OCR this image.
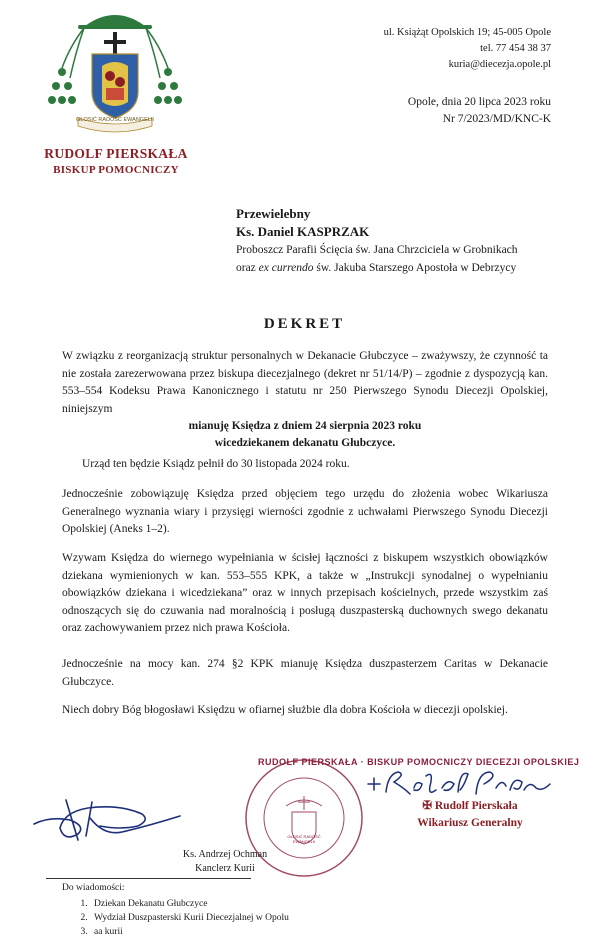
GŁOSIĆ RADOŚĆ EWANGELII
RUDOLF PIERSKAŁA
BISKUP POMOCNICZY
ul. Książąt Opolskich 19; 45-005 Opole
tel. 77 454 38 37
kuria@diecezja.opole.pl
Opole, dnia 20 lipca 2023 roku
Nr 7/2023/MD/KNC-K
Przewielebny
Ks. Daniel KASPRZAK
Proboszcz Parafii Ścięcia św. Jana Chrzciciela w Grobnikach
oraz ex currendo św. Jakuba Starszego Apostoła w Debrzycy
DEKRET
W związku z reorganizacją struktur personalnych w Dekanacie Głubczyce – zważywszy, że czynność ta nie została zarezerwowana przez biskupa diecezjalnego (dekret nr 51/14/P) – zgodnie z dyspozycją kan. 553–554 Kodeksu Prawa Kanonicznego i statutu nr 250 Pierwszego Synodu Diecezji Opolskiej, niniejszym
mianuję Księdza z dniem 24 sierpnia 2023 roku
wicedziekanem dekanatu Głubczyce.
Urząd ten będzie Ksiądz pełnił do 30 listopada 2024 roku.
Jednocześnie zobowiązuję Księdza przed objęciem tego urzędu do złożenia wobec Wikariusza Generalnego wyznania wiary i przysięgi wierności zgodnie z uchwałami Pierwszego Synodu Diecezji Opolskiej (Aneks 1–2).
Wzywam Księdza do wiernego wypełniania w ścisłej łączności z biskupem wszystkich obowiązków dziekana wymienionych w kan. 553–555 KPK, a także w „Instrukcji synodalnej o wypełnianiu obowiązków dziekana i wicedziekana” oraz w innych przepisach kościelnych, przede wszystkim zaś odnoszących się do czuwania nad moralnością i posługą duszpasterską duchownych swego dekanatu oraz zachowywaniem przez nich prawa Kościoła.
Jednocześnie na mocy kan. 274 §2 KPK mianuję Księdza duszpasterzem Caritas w Dekanacie Głubczyce.
Niech dobry Bóg błogosławi Księdzu w ofiarnej służbie dla dobra Kościoła w diecezji opolskiej.
RUDOLF PIERSKAŁA · BISKUP POMOCNICZY DIECEZJI OPOLSKIEJ
GŁOSIĆ RADOŚĆ EWANGELII
Ks. Andrzej Ochman
Kanclerz Kurii
✠ Rudolf Pierskała
Wikariusz Generalny
Do wiadomości:
1. Dziekan Dekanatu Głubczyce
2. Wydział Duszpasterski Kurii Diecezjalnej w Opolu
3. aa kurii
